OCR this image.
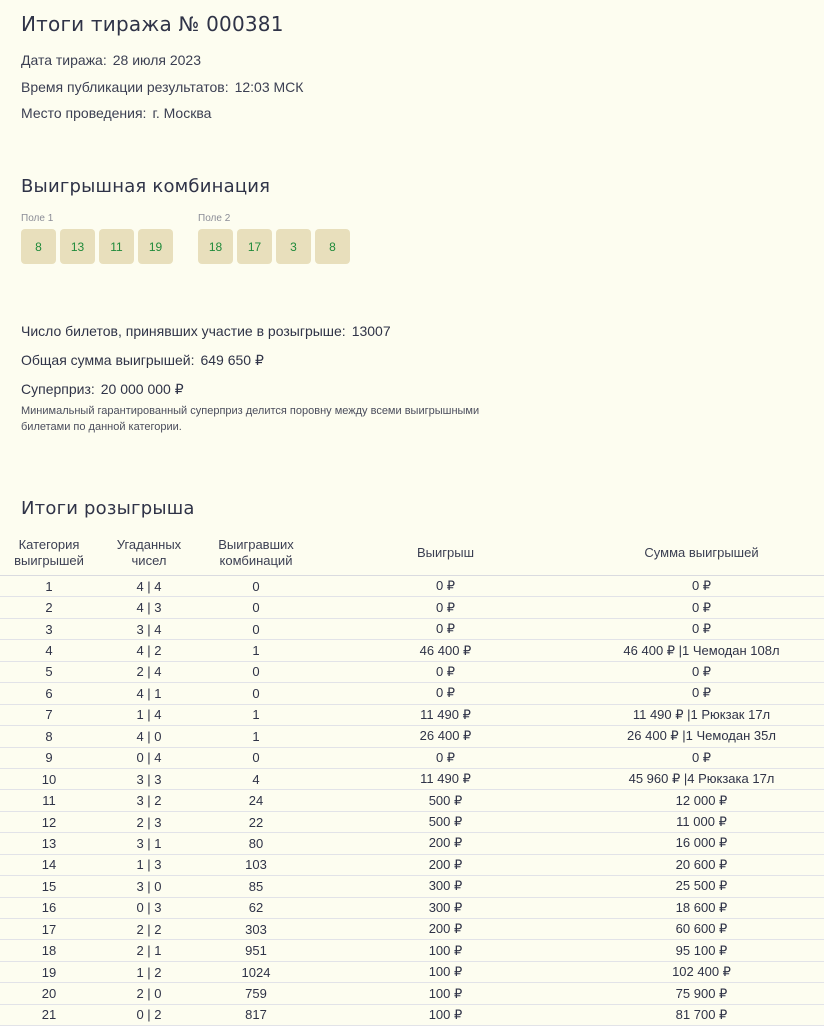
Итоги тиража № 000381
Дата тиража: 28 июля 2023
Время публикации результатов: 12:03 МСК
Место проведения: г. Москва
Выигрышная комбинация
Поле 1
8	13	11	19
Поле 2
18	17	3	8
Число билетов, принявших участие в розыгрыше: 13007
Общая сумма выигрышей: 649 650 ₽
Суперприз: 20 000 000 ₽
Минимальный гарантированный суперприз делится поровну между всеми выигрышными билетами по данной категории.
Итоги розыгрыша
Категория выигрышей	Угаданных чисел	Выигравших комбинаций	Выигрыш	Сумма выигрышей
1	4 | 4	0	0 ₽	0 ₽
2	4 | 3	0	0 ₽	0 ₽
3	3 | 4	0	0 ₽	0 ₽
4	4 | 2	1	46 400 ₽	46 400 ₽ |1 Чемодан 108л
5	2 | 4	0	0 ₽	0 ₽
6	4 | 1	0	0 ₽	0 ₽
7	1 | 4	1	11 490 ₽	11 490 ₽ |1 Рюкзак 17л
8	4 | 0	1	26 400 ₽	26 400 ₽ |1 Чемодан 35л
9	0 | 4	0	0 ₽	0 ₽
10	3 | 3	4	11 490 ₽	45 960 ₽ |4 Рюкзака 17л
11	3 | 2	24	500 ₽	12 000 ₽
12	2 | 3	22	500 ₽	11 000 ₽
13	3 | 1	80	200 ₽	16 000 ₽
14	1 | 3	103	200 ₽	20 600 ₽
15	3 | 0	85	300 ₽	25 500 ₽
16	0 | 3	62	300 ₽	18 600 ₽
17	2 | 2	303	200 ₽	60 600 ₽
18	2 | 1	951	100 ₽	95 100 ₽
19	1 | 2	1024	100 ₽	102 400 ₽
20	2 | 0	759	100 ₽	75 900 ₽
21	0 | 2	817	100 ₽	81 700 ₽
